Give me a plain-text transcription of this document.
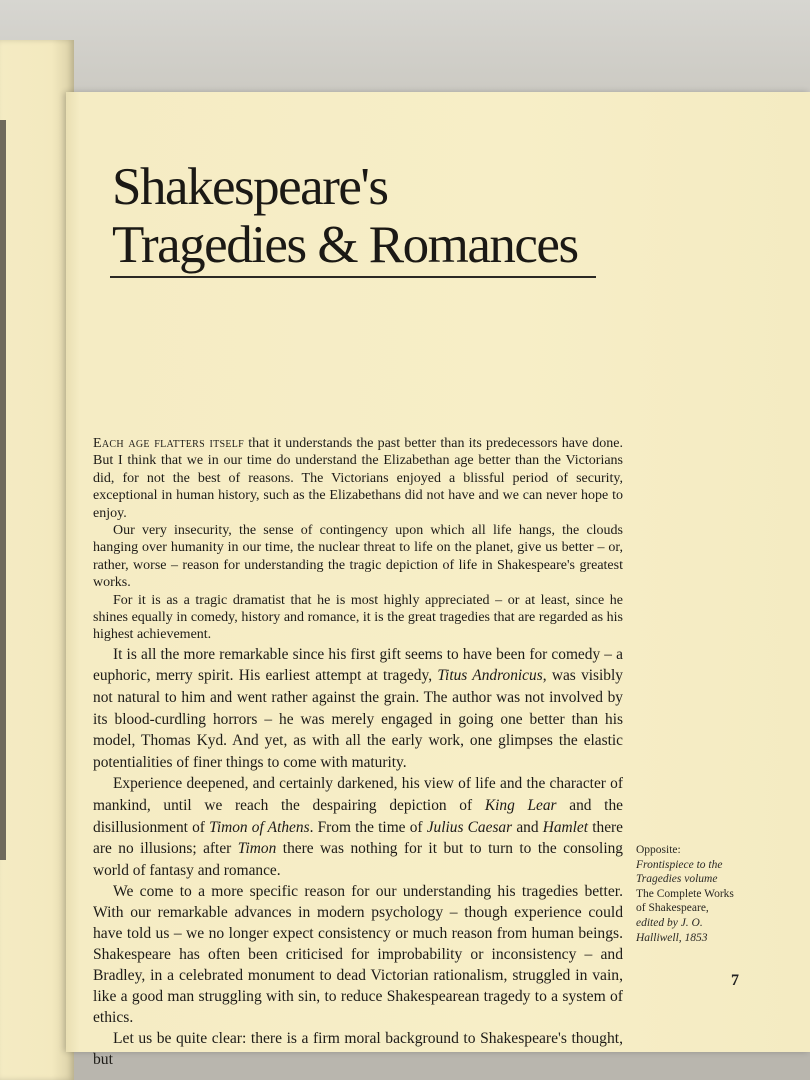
Shakespeare's
Tragedies & Romances

Each age flatters itself that it understands the past better than its predecessors have done. But I think that we in our time do understand the Elizabethan age better than the Victorians did, for not the best of reasons. The Victorians enjoyed a blissful period of security, exceptional in human history, such as the Elizabethans did not have and we can never hope to enjoy.

Our very insecurity, the sense of contingency upon which all life hangs, the clouds hanging over humanity in our time, the nuclear threat to life on the planet, give us better – or, rather, worse – reason for understanding the tragic depiction of life in Shakespeare's greatest works.

For it is as a tragic dramatist that he is most highly appreciated – or at least, since he shines equally in comedy, history and romance, it is the great tragedies that are regarded as his highest achievement.

It is all the more remarkable since his first gift seems to have been for comedy – a euphoric, merry spirit. His earliest attempt at tragedy, Titus Andronicus, was visibly not natural to him and went rather against the grain. The author was not involved by its blood-curdling horrors – he was merely engaged in going one better than his model, Thomas Kyd. And yet, as with all the early work, one glimpses the elastic potentialities of finer things to come with maturity.

Experience deepened, and certainly darkened, his view of life and the character of mankind, until we reach the despairing depiction of King Lear and the disillusionment of Timon of Athens. From the time of Julius Caesar and Hamlet there are no illusions; after Timon there was nothing for it but to turn to the consoling world of fantasy and romance.

We come to a more specific reason for our understanding his tragedies better. With our remarkable advances in modern psychology – though experience could have told us – we no longer expect consistency or much reason from human beings. Shakespeare has often been criticised for improbability or inconsistency – and Bradley, in a celebrated monument to dead Victorian rationalism, struggled in vain, like a good man struggling with sin, to reduce Shakespearean tragedy to a system of ethics.

Let us be quite clear: there is a firm moral background to Shakespeare's thought, but

Opposite:
Frontispiece to the Tragedies volume
The Complete Works of Shakespeare,
edited by J. O. Halliwell, 1853
7
